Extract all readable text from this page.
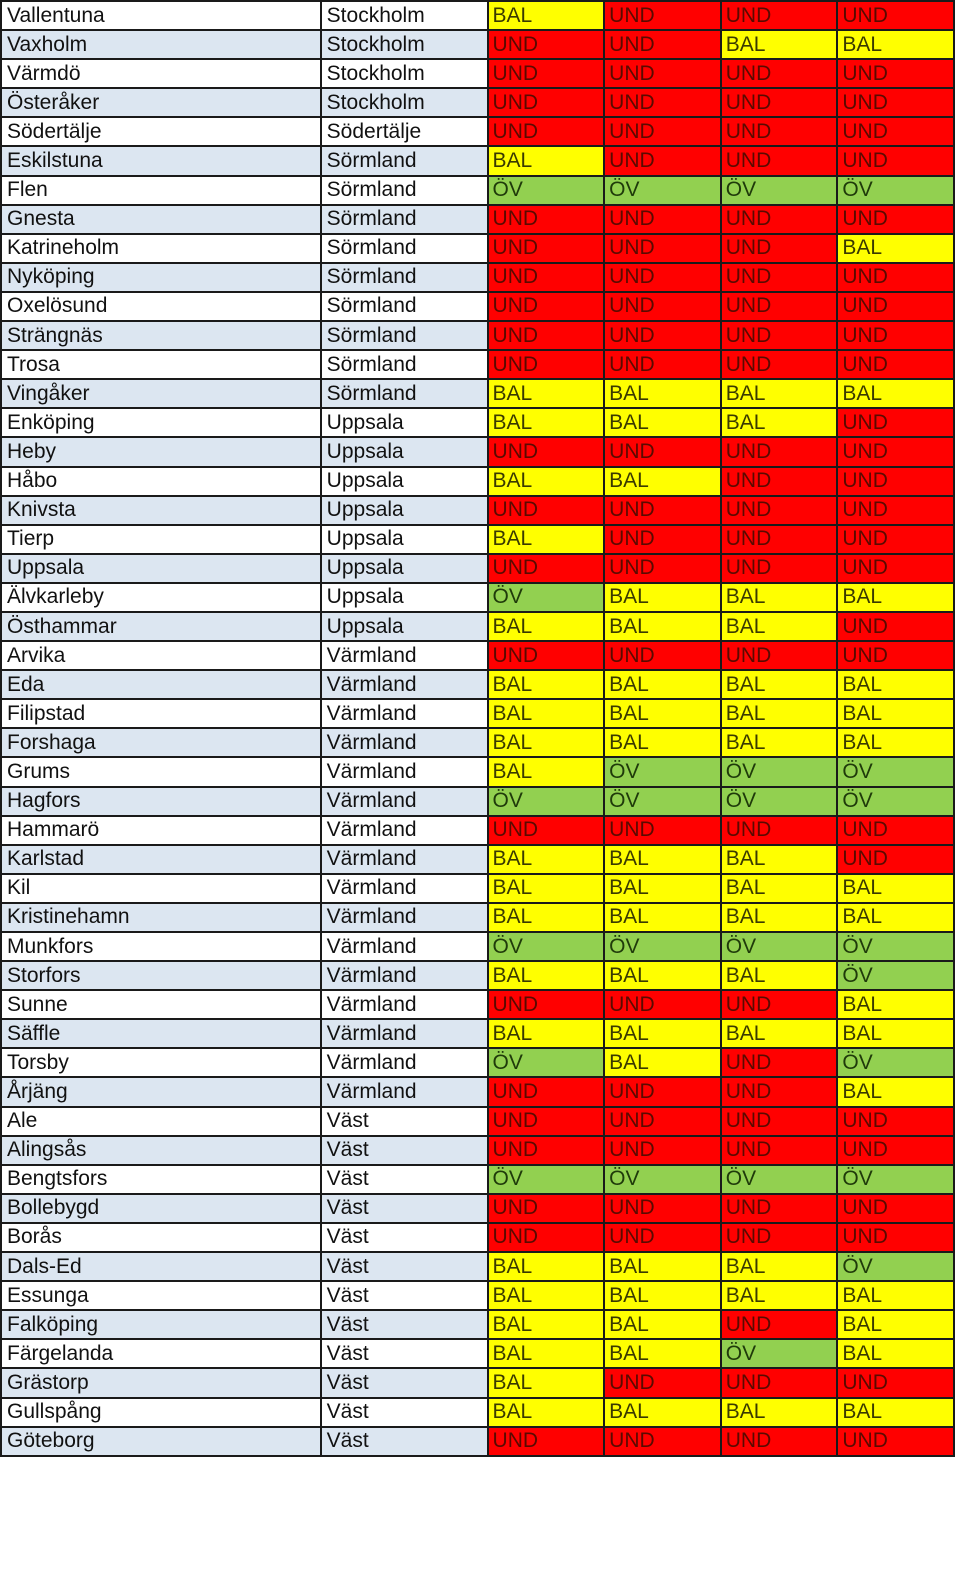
Vallentuna	Stockholm	BAL	UND	UND	UND
Vaxholm	Stockholm	UND	UND	BAL	BAL
Värmdö	Stockholm	UND	UND	UND	UND
Österåker	Stockholm	UND	UND	UND	UND
Södertälje	Södertälje	UND	UND	UND	UND
Eskilstuna	Sörmland	BAL	UND	UND	UND
Flen	Sörmland	ÖV	ÖV	ÖV	ÖV
Gnesta	Sörmland	UND	UND	UND	UND
Katrineholm	Sörmland	UND	UND	UND	BAL
Nyköping	Sörmland	UND	UND	UND	UND
Oxelösund	Sörmland	UND	UND	UND	UND
Strängnäs	Sörmland	UND	UND	UND	UND
Trosa	Sörmland	UND	UND	UND	UND
Vingåker	Sörmland	BAL	BAL	BAL	BAL
Enköping	Uppsala	BAL	BAL	BAL	UND
Heby	Uppsala	UND	UND	UND	UND
Håbo	Uppsala	BAL	BAL	UND	UND
Knivsta	Uppsala	UND	UND	UND	UND
Tierp	Uppsala	BAL	UND	UND	UND
Uppsala	Uppsala	UND	UND	UND	UND
Älvkarleby	Uppsala	ÖV	BAL	BAL	BAL
Östhammar	Uppsala	BAL	BAL	BAL	UND
Arvika	Värmland	UND	UND	UND	UND
Eda	Värmland	BAL	BAL	BAL	BAL
Filipstad	Värmland	BAL	BAL	BAL	BAL
Forshaga	Värmland	BAL	BAL	BAL	BAL
Grums	Värmland	BAL	ÖV	ÖV	ÖV
Hagfors	Värmland	ÖV	ÖV	ÖV	ÖV
Hammarö	Värmland	UND	UND	UND	UND
Karlstad	Värmland	BAL	BAL	BAL	UND
Kil	Värmland	BAL	BAL	BAL	BAL
Kristinehamn	Värmland	BAL	BAL	BAL	BAL
Munkfors	Värmland	ÖV	ÖV	ÖV	ÖV
Storfors	Värmland	BAL	BAL	BAL	ÖV
Sunne	Värmland	UND	UND	UND	BAL
Säffle	Värmland	BAL	BAL	BAL	BAL
Torsby	Värmland	ÖV	BAL	UND	ÖV
Årjäng	Värmland	UND	UND	UND	BAL
Ale	Väst	UND	UND	UND	UND
Alingsås	Väst	UND	UND	UND	UND
Bengtsfors	Väst	ÖV	ÖV	ÖV	ÖV
Bollebygd	Väst	UND	UND	UND	UND
Borås	Väst	UND	UND	UND	UND
Dals-Ed	Väst	BAL	BAL	BAL	ÖV
Essunga	Väst	BAL	BAL	BAL	BAL
Falköping	Väst	BAL	BAL	UND	BAL
Färgelanda	Väst	BAL	BAL	ÖV	BAL
Grästorp	Väst	BAL	UND	UND	UND
Gullspång	Väst	BAL	BAL	BAL	BAL
Göteborg	Väst	UND	UND	UND	UND
